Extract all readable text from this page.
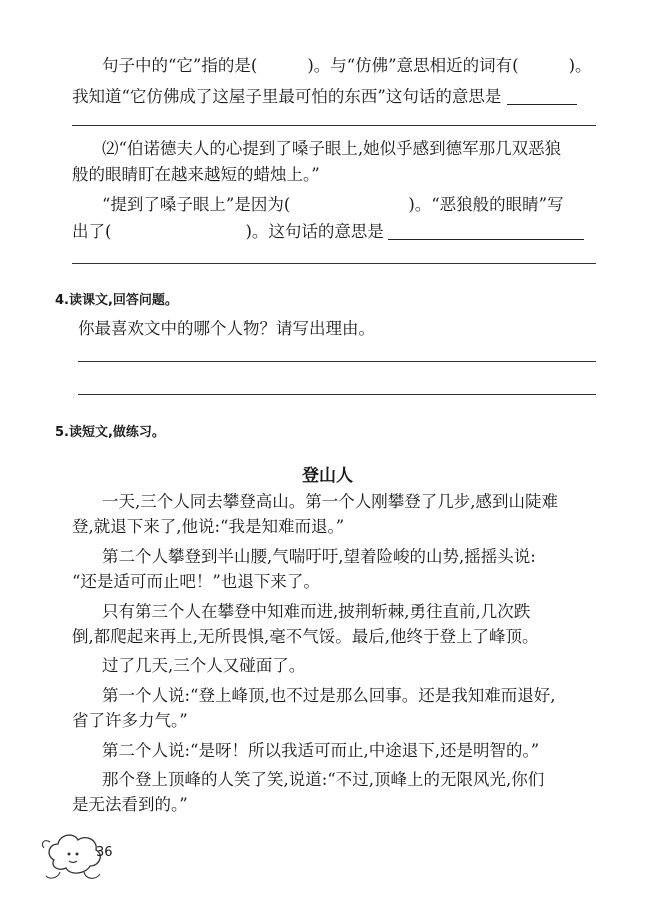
句子中的“它”指的是(	)。与“仿佛”意思相近的词有(	)。
我知道“它仿佛成了这屋子里最可怕的东西”这句话的意思是
⑵“伯诺德夫人的心提到了嗓子眼上,她似乎感到德军那几双恶狼
般的眼睛盯在越来越短的蜡烛上。”
“提到了嗓子眼上”是因为(	)。“恶狼般的眼睛”写
出了(	)。这句话的意思是
4.读课文,回答问题。
你最喜欢文中的哪个人物？请写出理由。
5.读短文,做练习。
登山人
一天,三个人同去攀登高山。第一个人刚攀登了几步,感到山陡难
登,就退下来了,他说:“我是知难而退。”
第二个人攀登到半山腰,气喘吁吁,望着险峻的山势,摇摇头说:
“还是适可而止吧！”也退下来了。
只有第三个人在攀登中知难而进,披荆斩棘,勇往直前,几次跌
倒,都爬起来再上,无所畏惧,毫不气馁。最后,他终于登上了峰顶。
过了几天,三个人又碰面了。
第一个人说:“登上峰顶,也不过是那么回事。还是我知难而退好,
省了许多力气。”
第二个人说:“是呀！所以我适可而止,中途退下,还是明智的。”
那个登上顶峰的人笑了笑,说道:“不过,顶峰上的无限风光,你们
是无法看到的。”
36
